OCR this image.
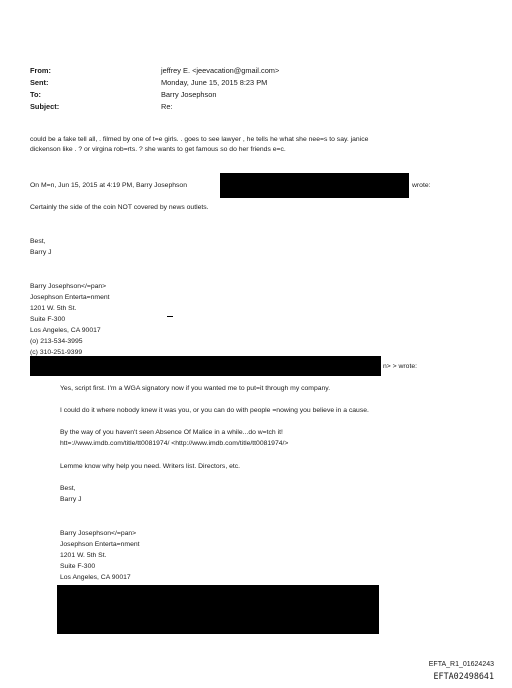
From:	jeffrey E. <jeevacation@gmail.com>
Sent:	Monday, June 15, 2015 8:23 PM
To:	Barry Josephson
Subject:	Re:
could be a fake tell all, . filmed by one of t=e girls. . goes to see lawyer , he tells he what she nee=s to say. janice
dickenson like . ? or virgina rob=rts. ? she wants to get famous so do her friends e=c.
On M=n, Jun 15, 2015 at 4:19 PM, Barry Josephson	wrote:
Certainly the side of the coin NOT covered by news outlets.
Best,
Barry J
Barry Josephson</=pan>
Josephson Enterta=nment
1201 W. 5th St.
Suite F-300
Los Angeles, CA 90017
(o) 213-534-3995
(c) 310-251-9399
n> > wrote:
Yes, script first. I'm a WGA signatory now if you wanted me to put=it through my company.
I could do it where nobody knew it was you, or you can do with people =nowing you believe in a cause.
By the way of you haven't seen Absence Of Malice in a while...do w=tch it!
htt=://www.imdb.com/title/tt0081974/ <http://www.imdb.com/title/tt0081974/>
Lemme know why help you need. Writers list. Directors, etc.
Best,
Barry J
Barry Josephson</=pan>
Josephson Enterta=nment
1201 W. 5th St.
Suite F-300
Los Angeles, CA 90017
EFTA_R1_01624243
EFTA02498641
